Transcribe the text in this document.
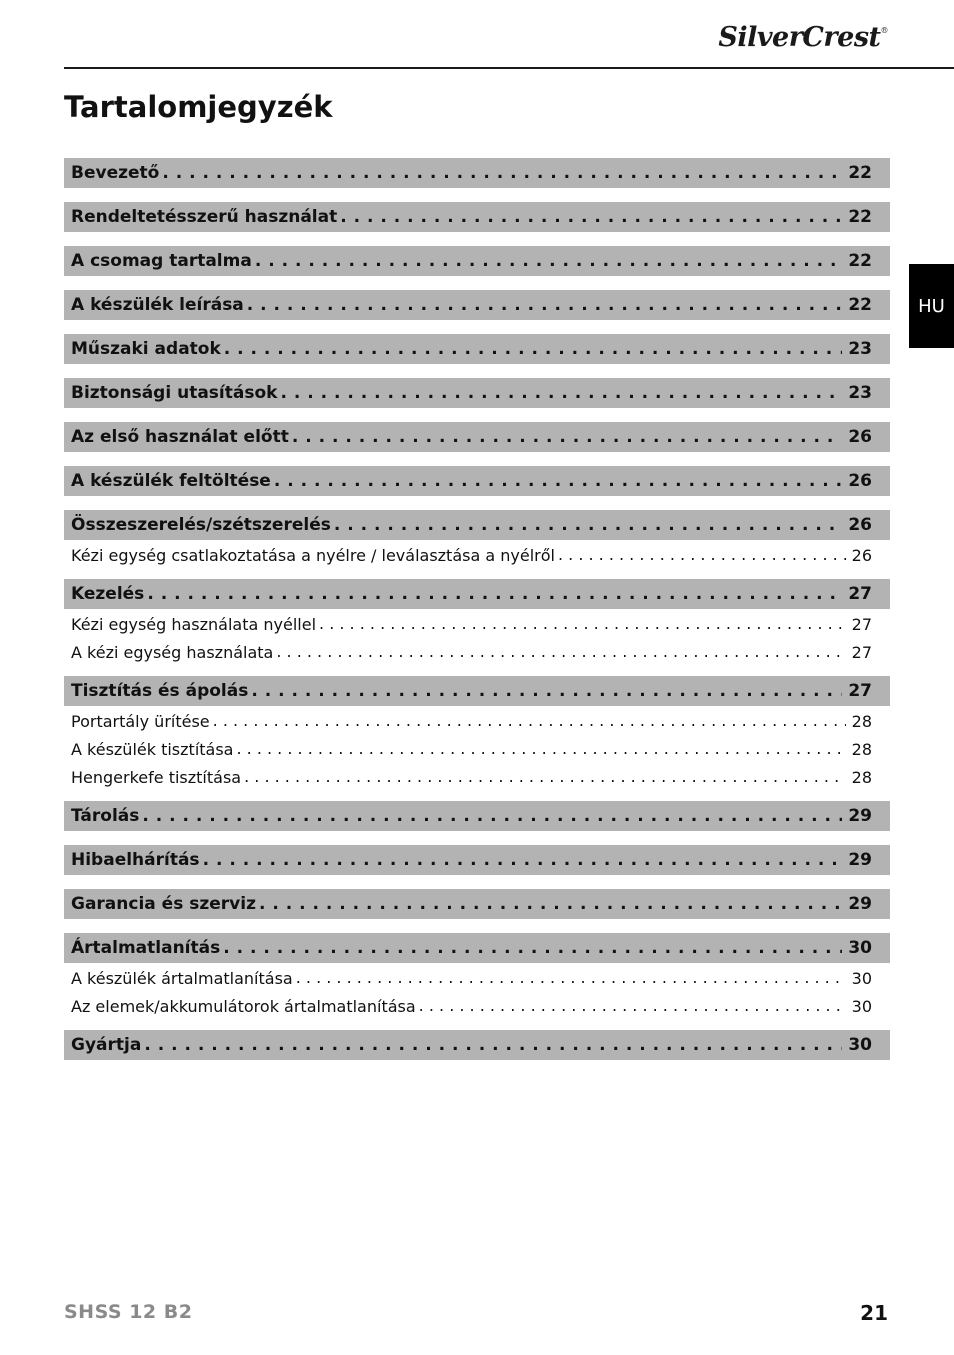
SilverCrest®
Tartalomjegyzék
HU
Bevezető . . .	22
Rendeltetésszerű használat . . .	22
A csomag tartalma . . .	22
A készülék leírása . . .	22
Műszaki adatok . . .	23
Biztonsági utasítások . . .	23
Az első használat előtt . . .	26
A készülék feltöltése . . .	26
Összeszerelés/szétszerelés . . .	26
Kézi egység csatlakoztatása a nyélre / leválasztása a nyélről . . .	26
Kezelés . . .	27
Kézi egység használata nyéllel . . .	27
A kézi egység használata . . .	27
Tisztítás és ápolás . . .	27
Portartály ürítése . . .	28
A készülék tisztítása . . .	28
Hengerkefe tisztítása . . .	28
Tárolás . . .	29
Hibaelhárítás . . .	29
Garancia és szerviz . . .	29
Ártalmatlanítás . . .	30
A készülék ártalmatlanítása . . .	30
Az elemek/akkumulátorok ártalmatlanítása . . .	30
Gyártja . . .	30
SHSS 12 B2	21
